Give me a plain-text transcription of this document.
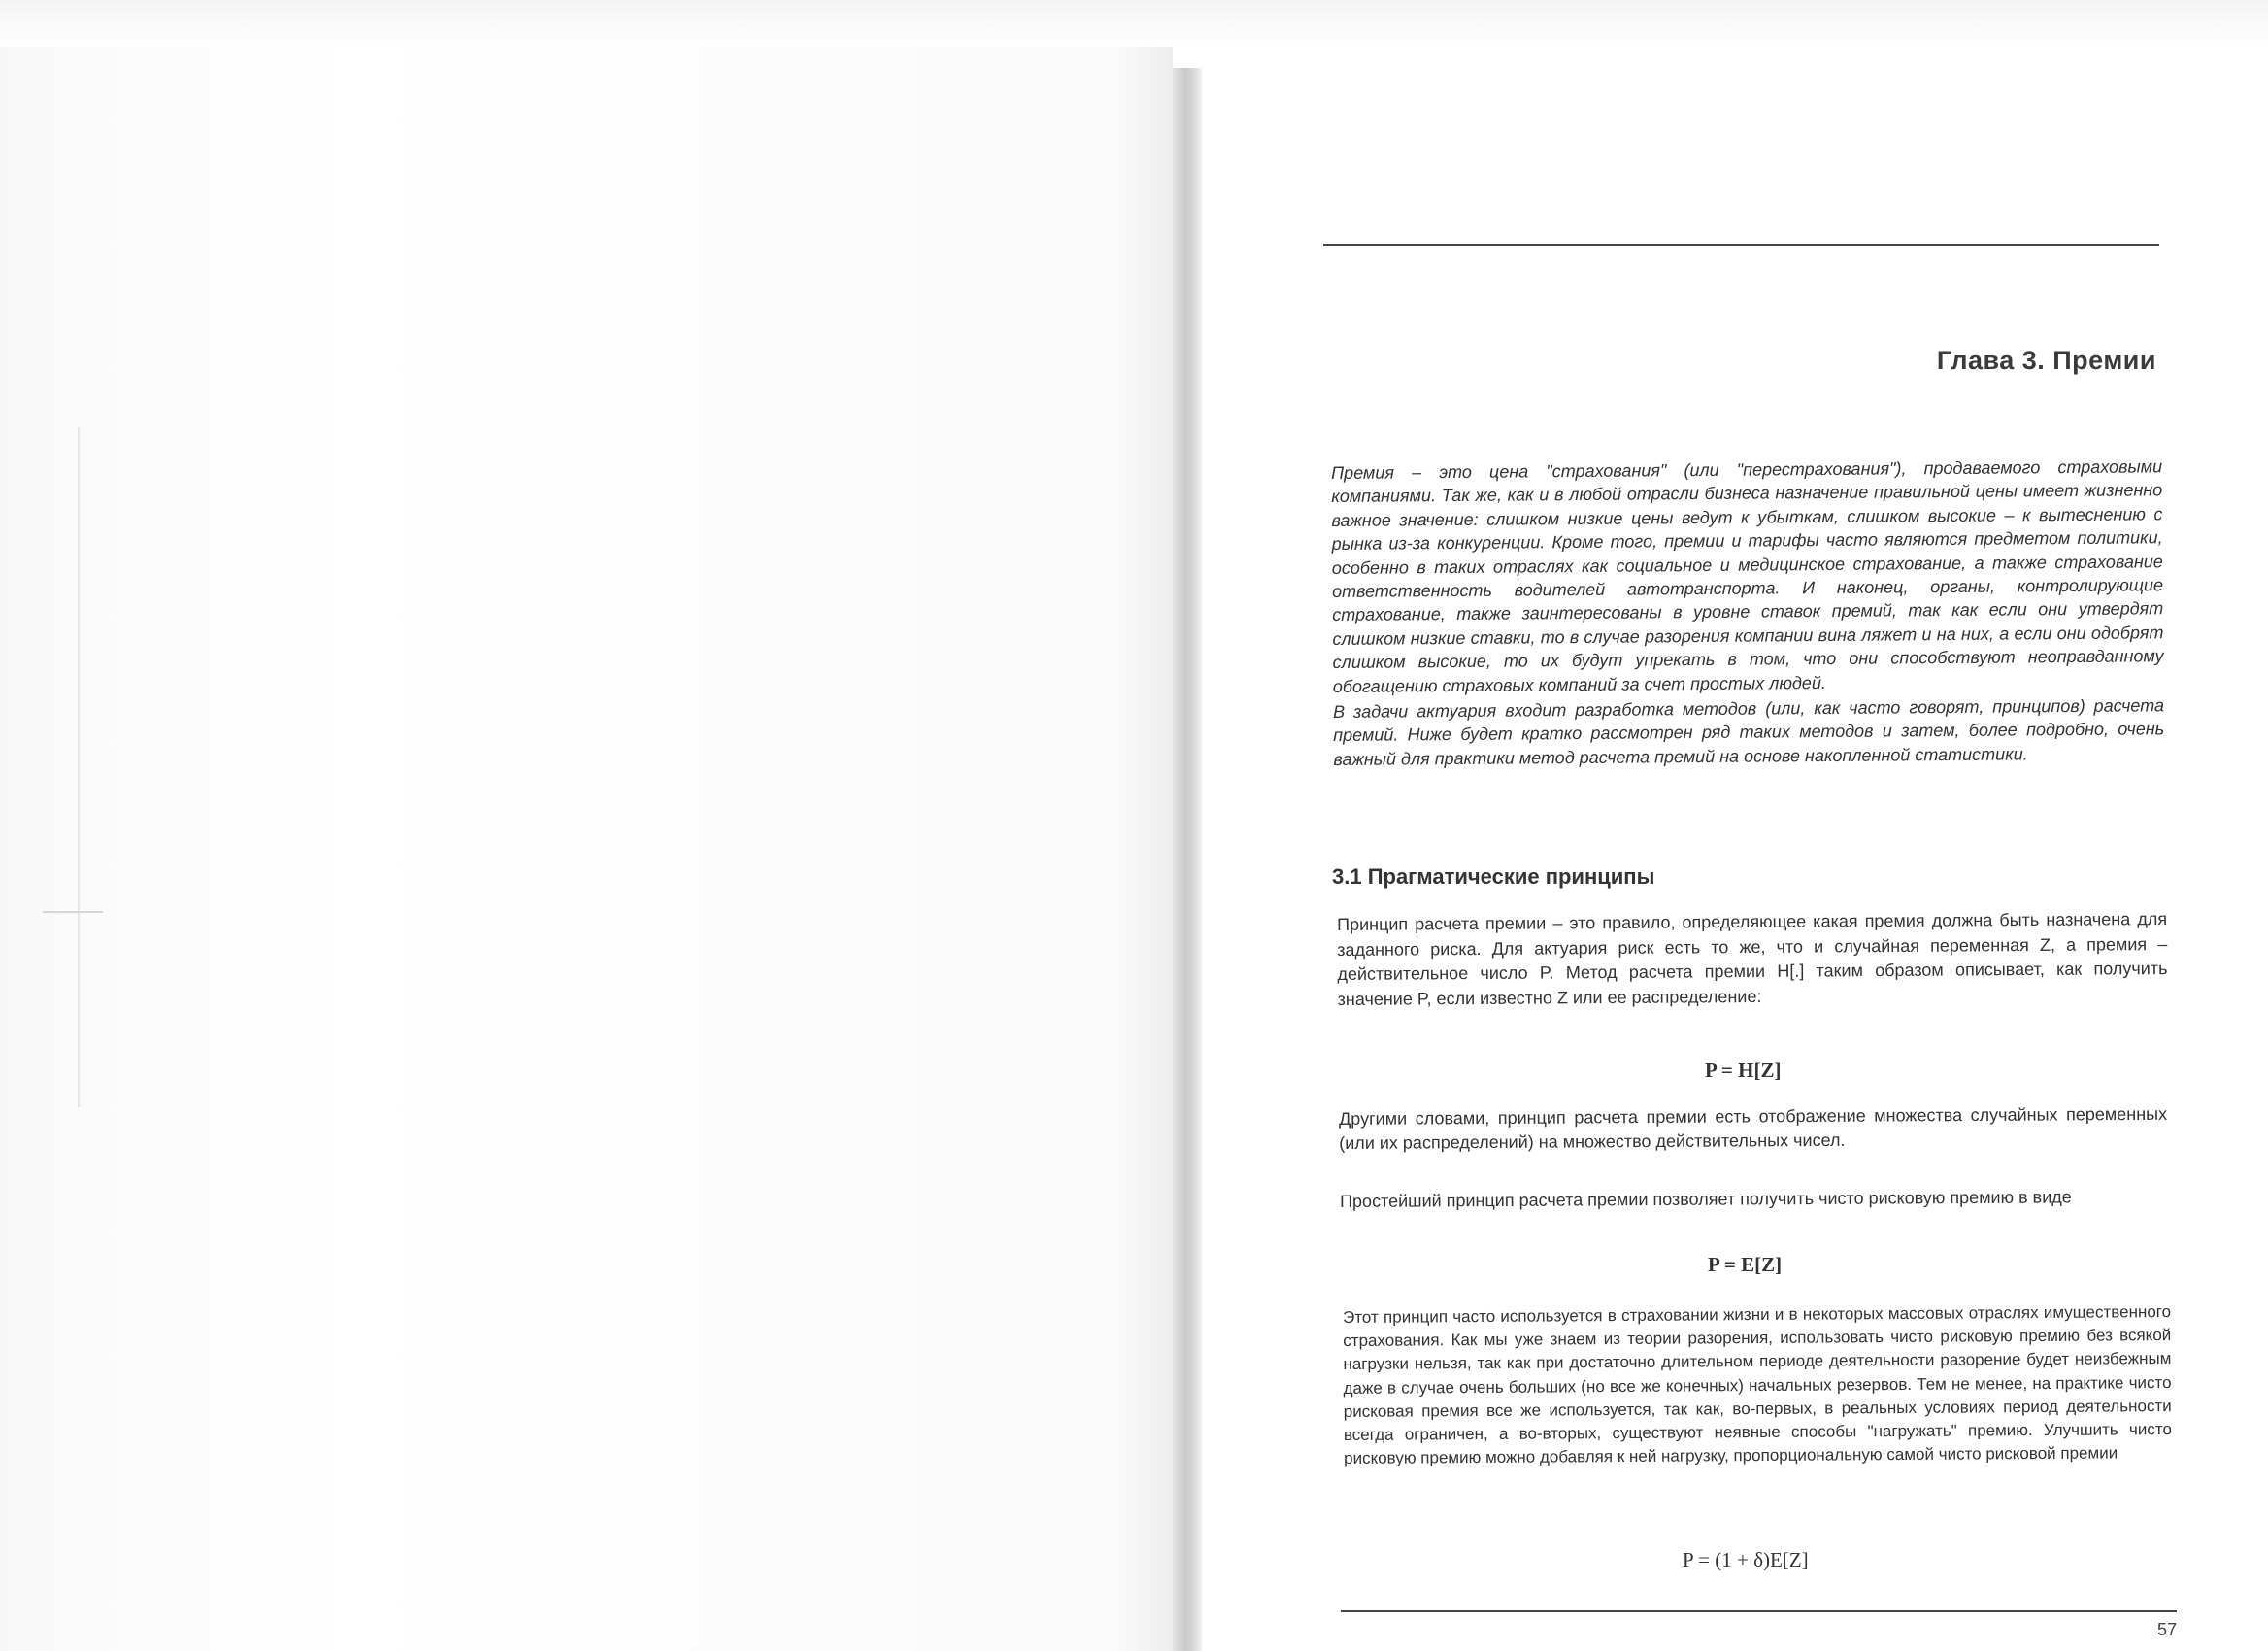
Глава 3. Премии

Премия – это цена "страхования" (или "перестрахования"), продаваемого страховыми компаниями. Так же, как и в любой отрасли бизнеса назначение правильной цены имеет жизненно важное значение: слишком низкие цены ведут к убыткам, слишком высокие – к вытеснению с рынка из-за конкуренции. Кроме того, премии и тарифы часто являются предметом политики, особенно в таких отраслях как социальное и медицинское страхование, а также страхование ответственность водителей автотранспорта. И наконец, органы, контролирующие страхование, также заинтересованы в уровне ставок премий, так как если они утвердят слишком низкие ставки, то в случае разорения компании вина ляжет и на них, а если они одобрят слишком высокие, то их будут упрекать в том, что они способствуют неоправданному обогащению страховых компаний за счет простых людей.

В задачи актуария входит разработка методов (или, как часто говорят, принципов) расчета премий. Ниже будет кратко рассмотрен ряд таких методов и затем, более подробно, очень важный для практики метод расчета премий на основе накопленной статистики.

3.1 Прагматические принципы
Принцип расчета премии – это правило, определяющее какая премия должна быть назначена для заданного риска. Для актуария риск есть то же, что и случайная переменная Z, а премия – действительное число P. Метод расчета премии H[.] таким образом описывает, как получить значение P, если известно Z или ее распределение:
P = H[Z]
Другими словами, принцип расчета премии есть отображение множества случайных переменных (или их распределений) на множество действительных чисел.
Простейший принцип расчета премии позволяет получить чисто рисковую премию в виде
P = E[Z]
Этот принцип часто используется в страховании жизни и в некоторых массовых отраслях имущественного страхования. Как мы уже знаем из теории разорения, использовать чисто рисковую премию без всякой нагрузки нельзя, так как при достаточно длительном периоде деятельности разорение будет неизбежным даже в случае очень больших (но все же конечных) начальных резервов. Тем не менее, на практике чисто рисковая премия все же используется, так как, во-первых, в реальных условиях период деятельности всегда ограничен, а во-вторых, существуют неявные способы "нагружать" премию. Улучшить чисто рисковую премию можно добавляя к ней нагрузку, пропорциональную самой чисто рисковой премии
P = (1 + δ)E[Z]
57
